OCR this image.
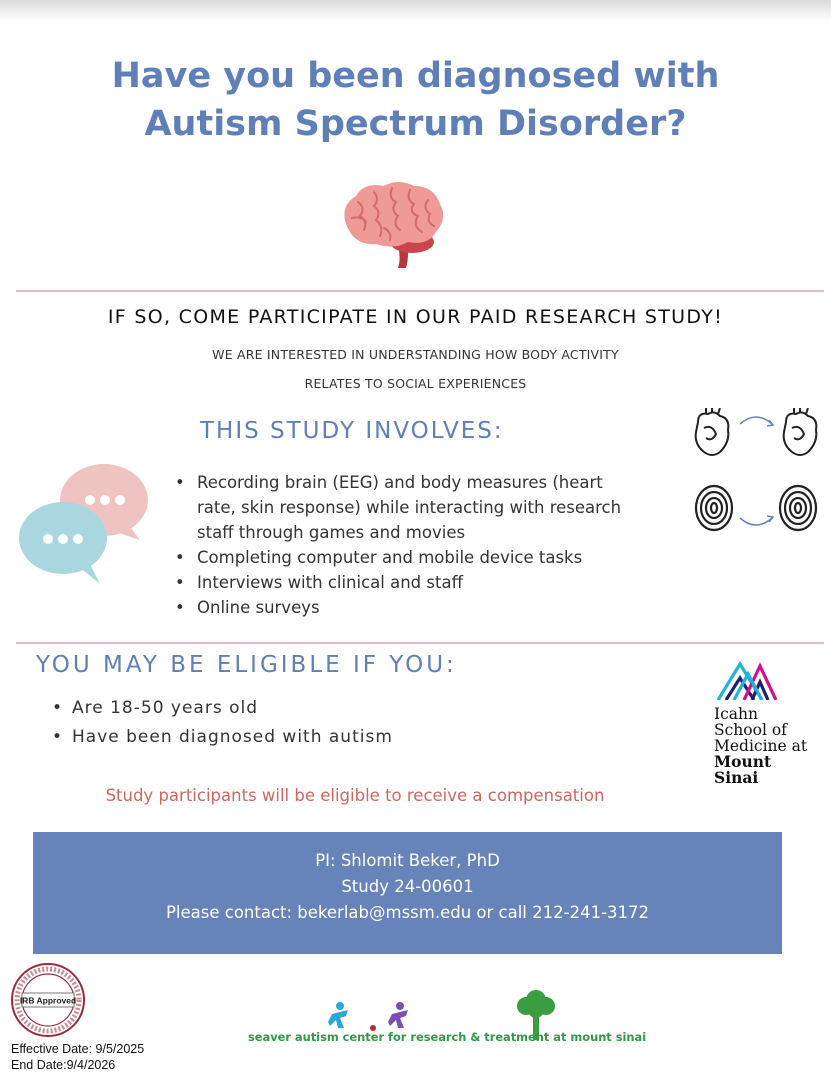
Have you been diagnosed with
Autism Spectrum Disorder?
IF SO, COME PARTICIPATE IN OUR PAID RESEARCH STUDY!
WE ARE INTERESTED IN UNDERSTANDING HOW BODY ACTIVITY
RELATES TO SOCIAL EXPERIENCES
THIS STUDY INVOLVES:
• Recording brain (EEG) and body measures (heart rate, skin response) while interacting with research staff through games and movies
• Completing computer and mobile device tasks
• Interviews with clinical and staff
• Online surveys
YOU MAY BE ELIGIBLE IF YOU:
• Are 18-50 years old
• Have been diagnosed with autism
Icahn
School of
Medicine at
Mount
Sinai
Study participants will be eligible to receive a compensation
PI: Shlomit Beker, PhD
Study 24-00601
Please contact: bekerlab@mssm.edu or call 212-241-3172
IRB Approved
Effective Date: 9/5/2025
End Date:9/4/2026
seaver autism center for research & treatment at mount sinai
